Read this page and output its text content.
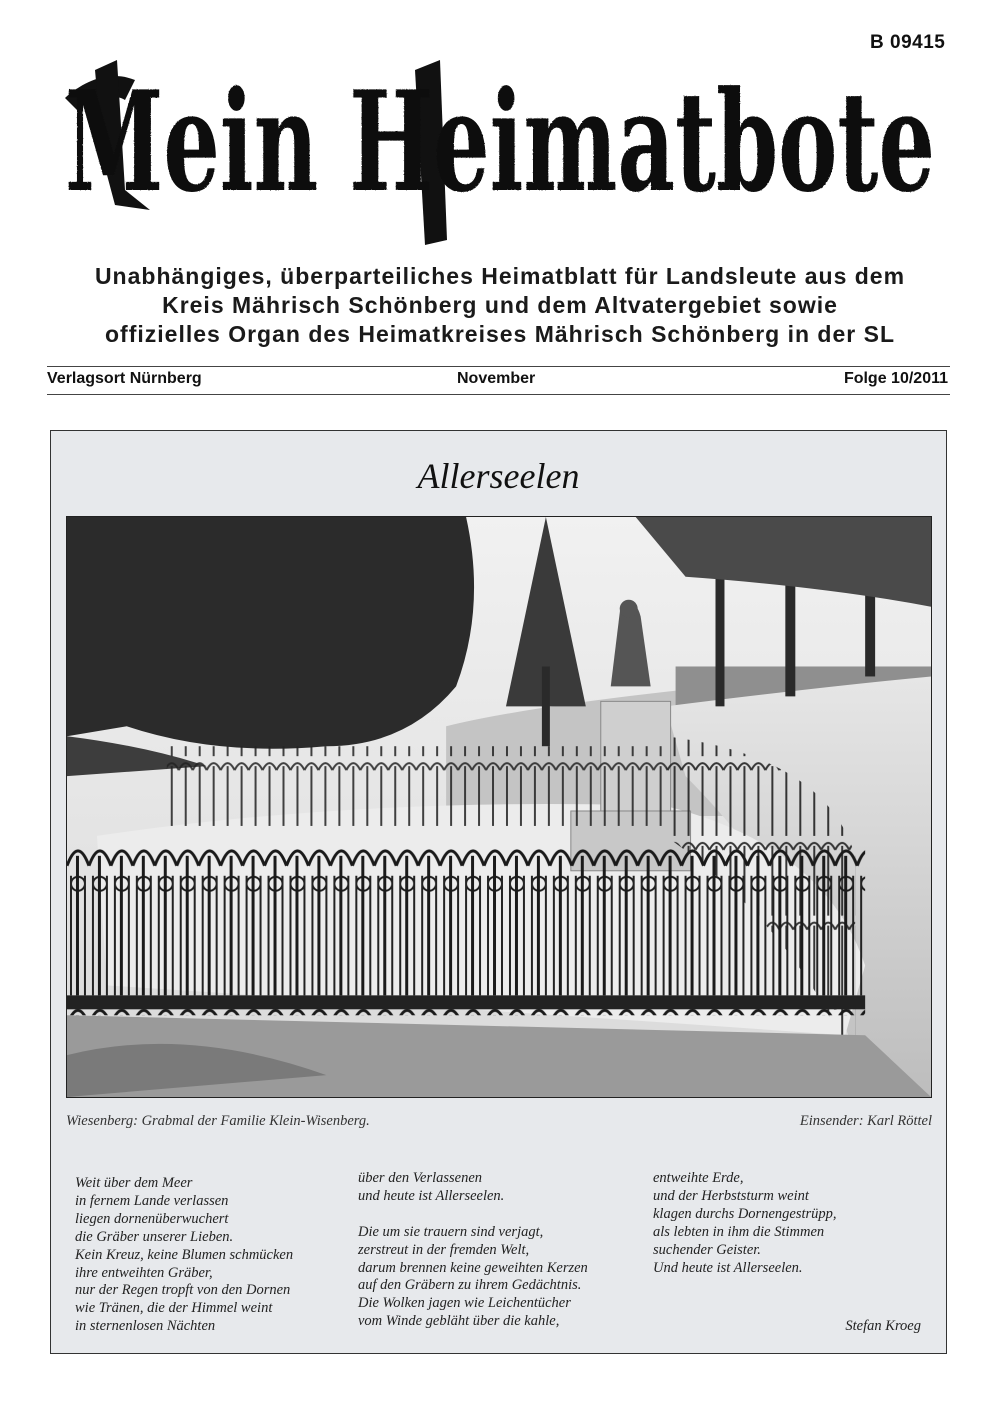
B 09415
Mein Heimatbote
Unabhängiges, überparteiliches Heimatblatt für Landsleute aus dem
Kreis Mährisch Schönberg und dem Altvatergebiet sowie
offizielles Organ des Heimatkreises Mährisch Schönberg in der SL
Verlagsort Nürnberg	November	Folge 10/2011
Allerseelen
Wiesenberg: Grabmal der Familie Klein-Wisenberg.	Einsender: Karl Röttel
Weit über dem Meer
in fernem Lande verlassen
liegen dornenüberwuchert
die Gräber unserer Lieben.
Kein Kreuz, keine Blumen schmücken
ihre entweihten Gräber,
nur der Regen tropft von den Dornen
wie Tränen, die der Himmel weint
in sternenlosen Nächten
über den Verlassenen
und heute ist Allerseelen.
Die um sie trauern sind verjagt,
zerstreut in der fremden Welt,
darum brennen keine geweihten Kerzen
auf den Gräbern zu ihrem Gedächtnis.
Die Wolken jagen wie Leichentücher
vom Winde gebläht über die kahle,
entweihte Erde,
und der Herbststurm weint
klagen durchs Dornengestrüpp,
als lebten in ihm die Stimmen
suchender Geister.
Und heute ist Allerseelen.
Stefan Kroeg
